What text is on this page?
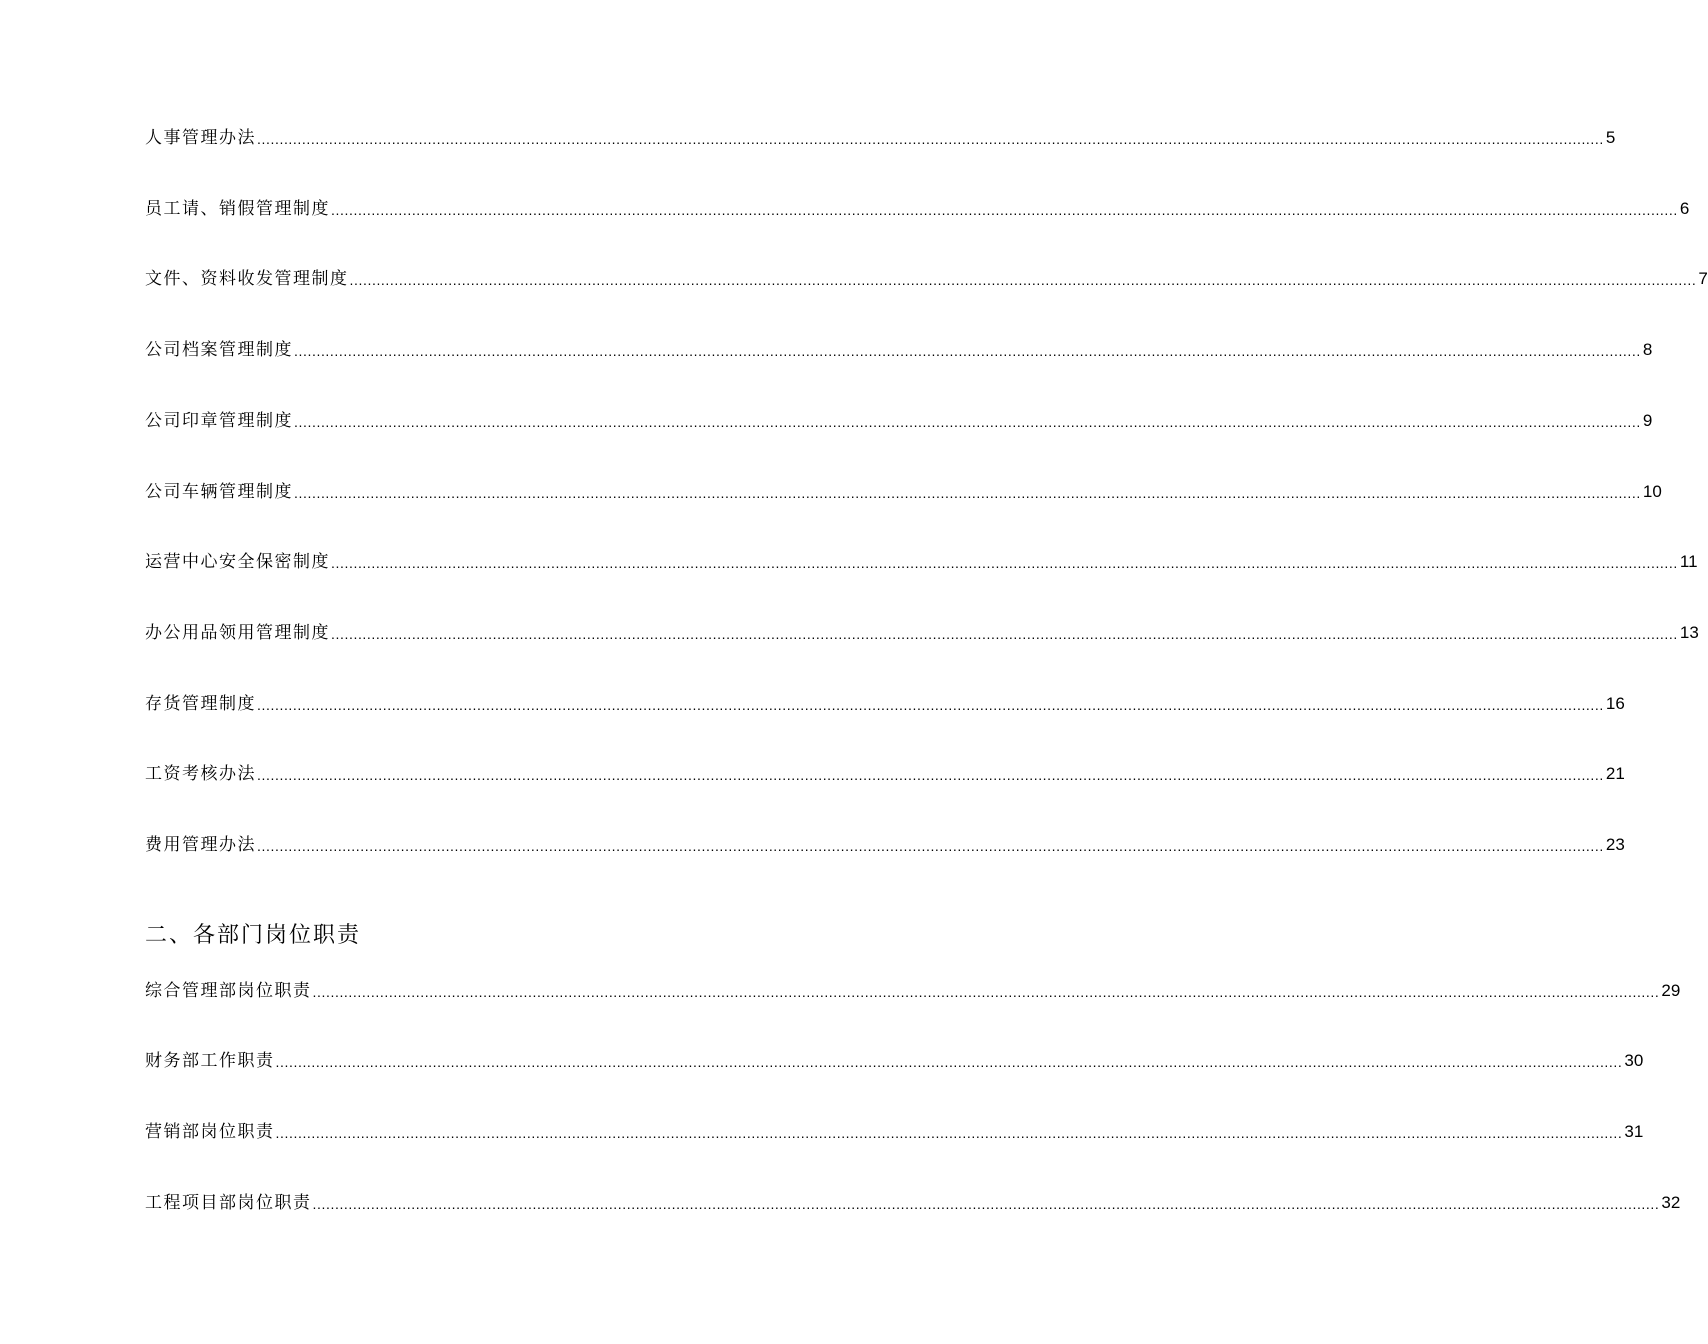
人事管理办法 ............................................................................................................................................................................................................................................................................................................ 5
员工请、销假管理制度 ............................................................................................................................................................................................................................................................................................................ 6
文件、资料收发管理制度 ............................................................................................................................................................................................................................................................................................................ 7
公司档案管理制度 ............................................................................................................................................................................................................................................................................................................ 8
公司印章管理制度 ............................................................................................................................................................................................................................................................................................................ 9
公司车辆管理制度 ............................................................................................................................................................................................................................................................................................................ 10
运营中心安全保密制度 ............................................................................................................................................................................................................................................................................................................ 11
办公用品领用管理制度 ............................................................................................................................................................................................................................................................................................................ 13
存货管理制度 ............................................................................................................................................................................................................................................................................................................ 16
工资考核办法 ............................................................................................................................................................................................................................................................................................................ 21
费用管理办法 ............................................................................................................................................................................................................................................................................................................ 23
二、各部门岗位职责
综合管理部岗位职责 ............................................................................................................................................................................................................................................................................................................ 29
财务部工作职责 ............................................................................................................................................................................................................................................................................................................ 30
营销部岗位职责 ............................................................................................................................................................................................................................................................................................................ 31
工程项目部岗位职责 ............................................................................................................................................................................................................................................................................................................ 32
